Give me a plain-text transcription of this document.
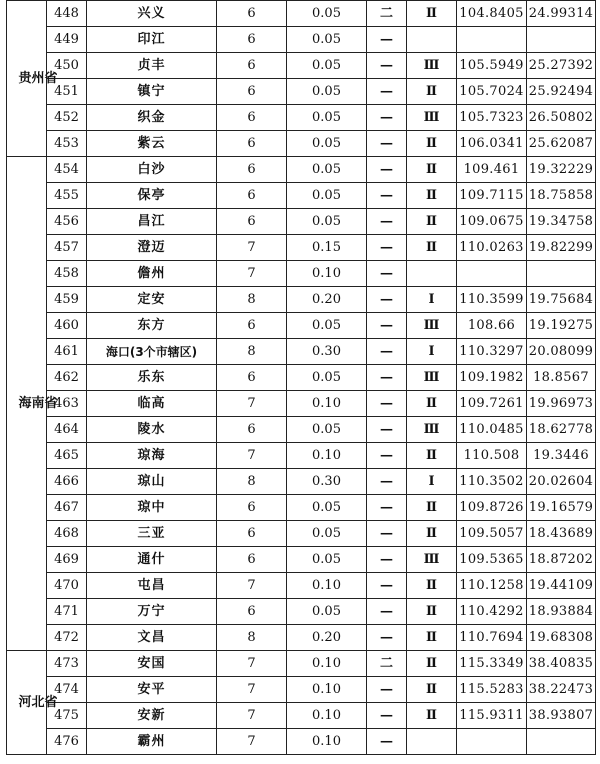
贵州省	448	兴义	6	0.05	二	Ⅱ	104.8405	24.99314
	449	印江	6	0.05	—			
	450	贞丰	6	0.05	—	Ⅲ	105.5949	25.27392
	451	镇宁	6	0.05	—	Ⅱ	105.7024	25.92494
	452	织金	6	0.05	—	Ⅲ	105.7323	26.50802
	453	紫云	6	0.05	—	Ⅱ	106.0341	25.62087

海南省	454	白沙	6	0.05	—	Ⅱ	109.461	19.32229
	455	保亭	6	0.05	—	Ⅱ	109.7115	18.75858
	456	昌江	6	0.05	—	Ⅱ	109.0675	19.34758
	457	澄迈	7	0.15	—	Ⅱ	110.0263	19.82299
	458	儋州	7	0.10	—			
	459	定安	8	0.20	—	Ⅰ	110.3599	19.75684
	460	东方	6	0.05	—	Ⅲ	108.66	19.19275
	461	海口(3个市辖区)	8	0.30	—	Ⅰ	110.3297	20.08099
	462	乐东	6	0.05	—	Ⅲ	109.1982	18.8567
	463	临高	7	0.10	—	Ⅱ	109.7261	19.96973
	464	陵水	6	0.05	—	Ⅲ	110.0485	18.62778
	465	琼海	7	0.10	—	Ⅱ	110.508	19.3446
	466	琼山	8	0.30	—	Ⅰ	110.3502	20.02604
	467	琼中	6	0.05	—	Ⅱ	109.8726	19.16579
	468	三亚	6	0.05	—	Ⅱ	109.5057	18.43689
	469	通什	6	0.05	—	Ⅲ	109.5365	18.87202
	470	屯昌	7	0.10	—	Ⅱ	110.1258	19.44109
	471	万宁	6	0.05	—	Ⅱ	110.4292	18.93884
	472	文昌	8	0.20	—	Ⅱ	110.7694	19.68308

河北省	473	安国	7	0.10	二	Ⅱ	115.3349	38.40835
	474	安平	7	0.10	—	Ⅱ	115.5283	38.22473
	475	安新	7	0.10	—	Ⅱ	115.9311	38.93807
	476	霸州	7	0.10	—			
